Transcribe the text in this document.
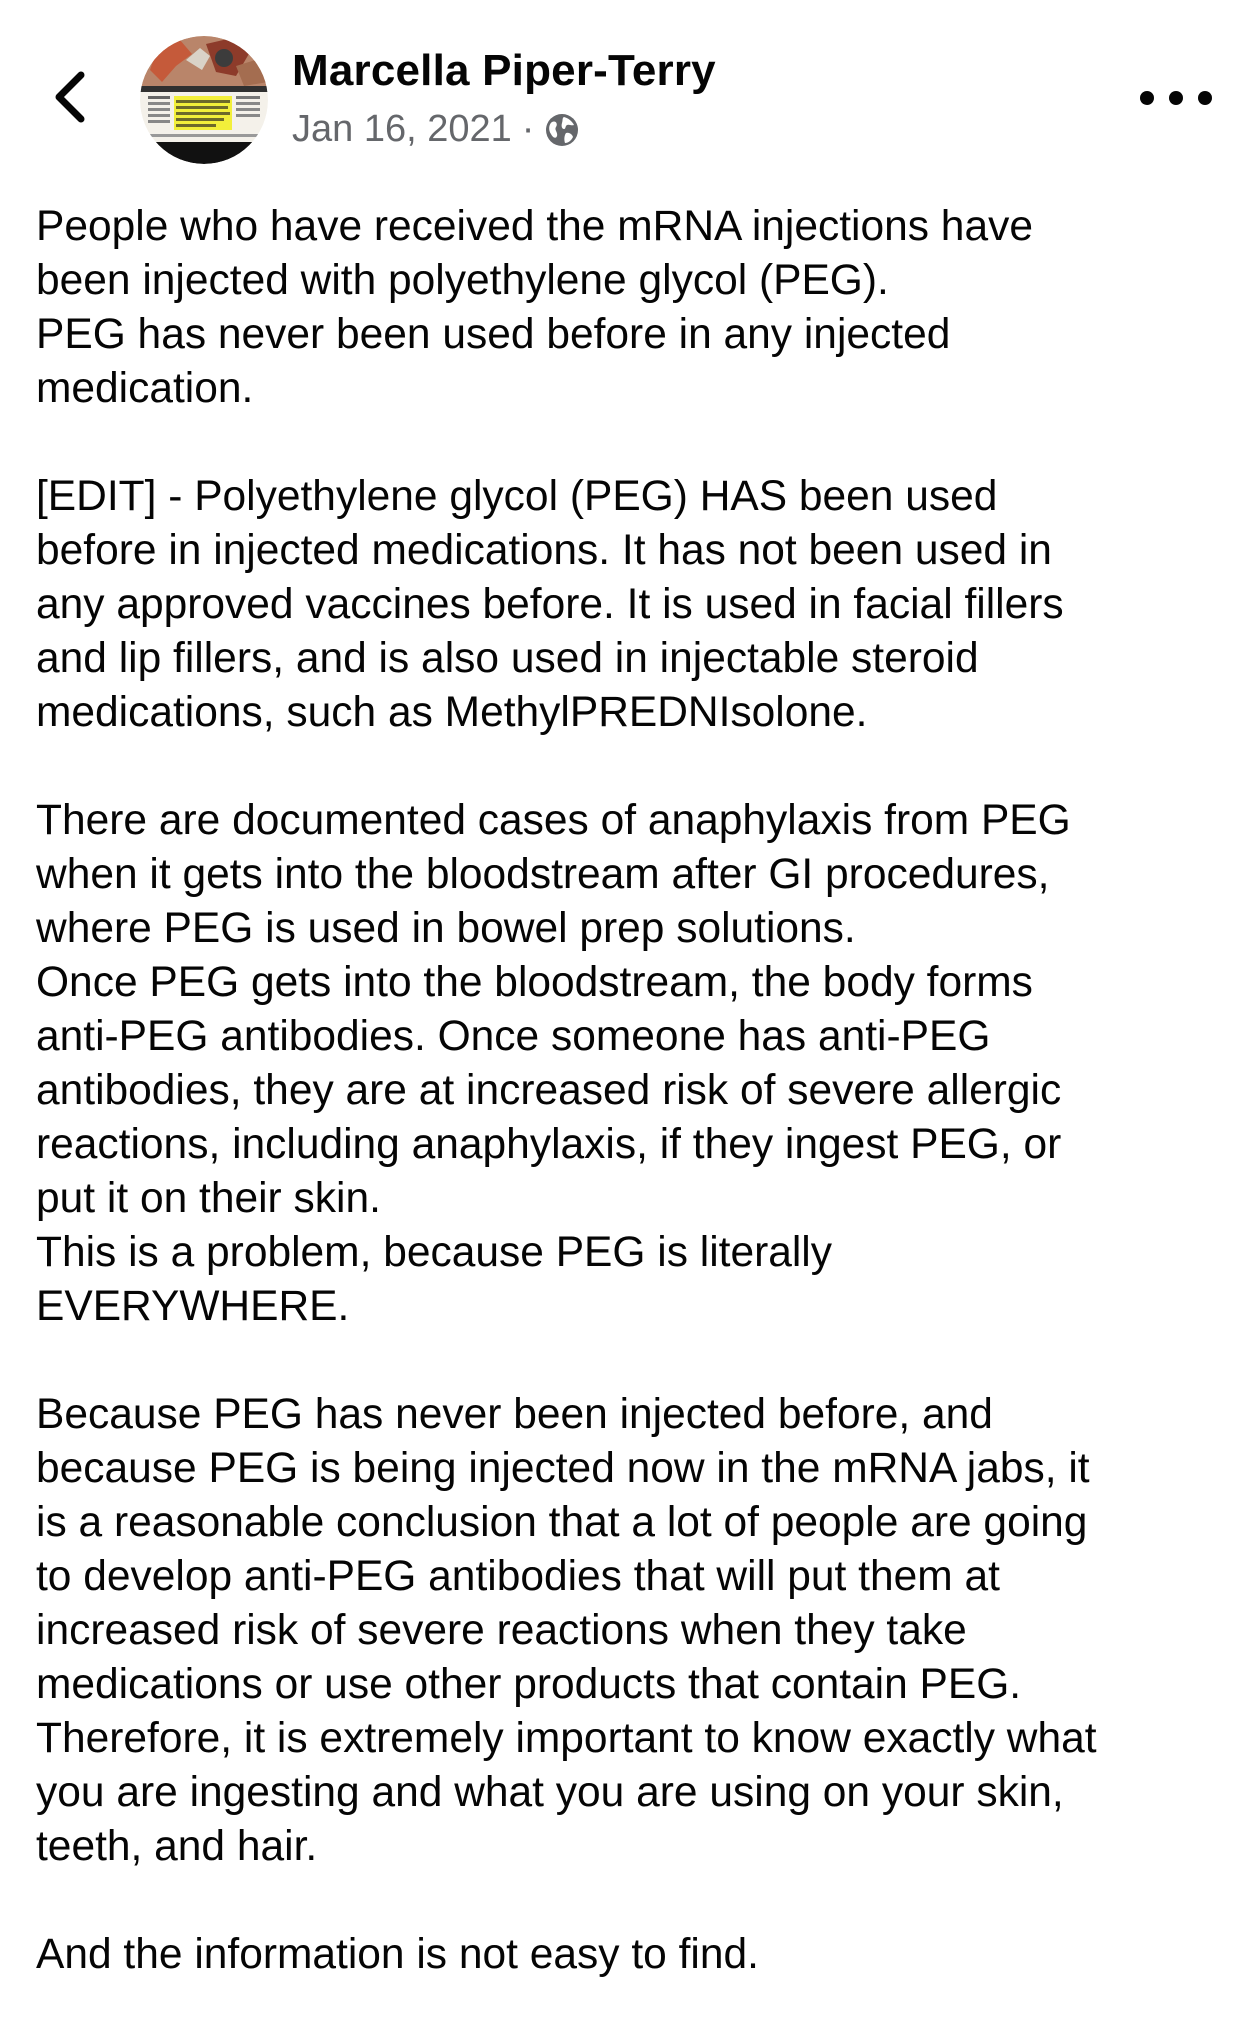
Marcella Piper-Terry
Jan 16, 2021 ·

People who have received the mRNA injections have
been injected with polyethylene glycol (PEG).
PEG has never been used before in any injected
medication.

[EDIT] - Polyethylene glycol (PEG) HAS been used
before in injected medications. It has not been used in
any approved vaccines before. It is used in facial fillers
and lip fillers, and is also used in injectable steroid
medications, such as MethylPREDNIsolone.

There are documented cases of anaphylaxis from PEG
when it gets into the bloodstream after GI procedures,
where PEG is used in bowel prep solutions.
Once PEG gets into the bloodstream, the body forms
anti-PEG antibodies. Once someone has anti-PEG
antibodies, they are at increased risk of severe allergic
reactions, including anaphylaxis, if they ingest PEG, or
put it on their skin.
This is a problem, because PEG is literally
EVERYWHERE.

Because PEG has never been injected before, and
because PEG is being injected now in the mRNA jabs, it
is a reasonable conclusion that a lot of people are going
to develop anti-PEG antibodies that will put them at
increased risk of severe reactions when they take
medications or use other products that contain PEG.
Therefore, it is extremely important to know exactly what
you are ingesting and what you are using on your skin,
teeth, and hair.

And the information is not easy to find.
